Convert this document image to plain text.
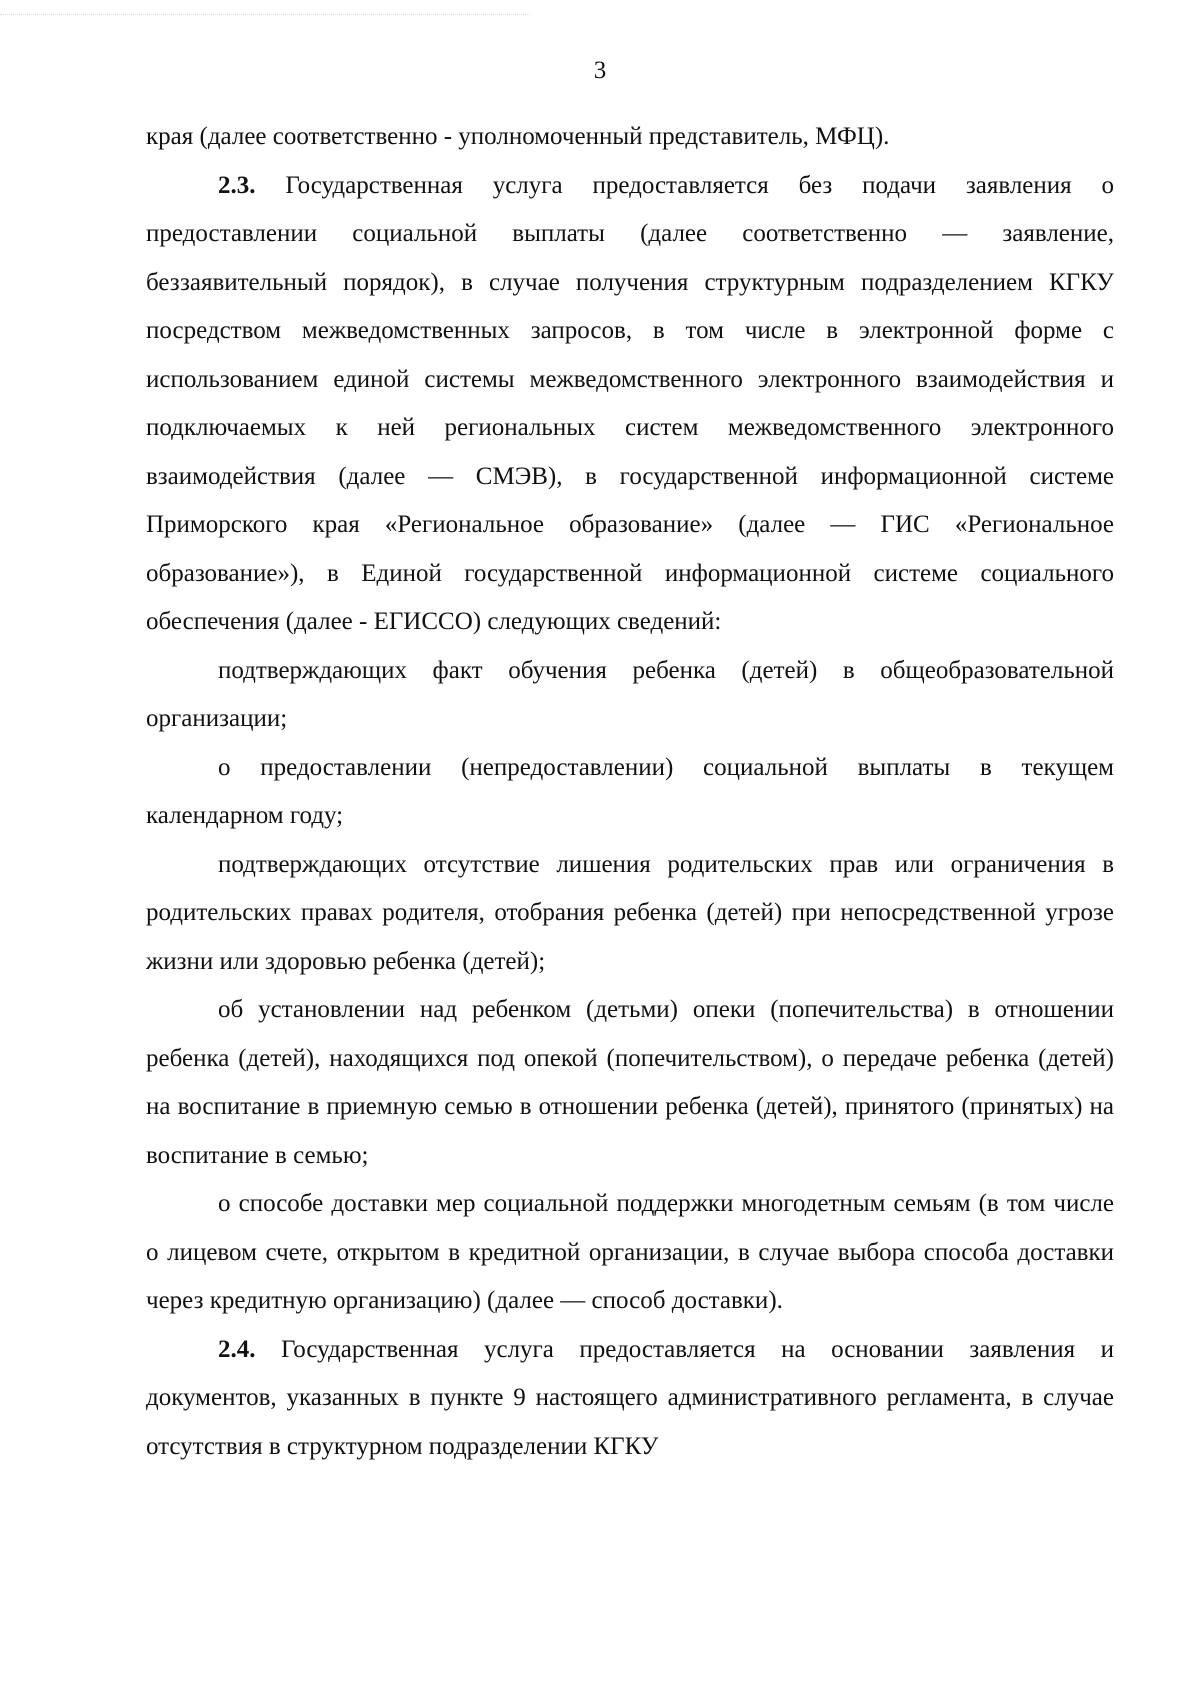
3

края (далее соответственно - уполномоченный представитель, МФЦ).

2.3. Государственная услуга предоставляется без подачи заявления о предоставлении социальной выплаты (далее соответственно — заявление, беззаявительный порядок), в случае получения структурным подразделением КГКУ посредством межведомственных запросов, в том числе в электронной форме с использованием единой системы межведомственного электронного взаимодействия и подключаемых к ней региональных систем межведомственного электронного взаимодействия (далее — СМЭВ), в государственной информационной системе Приморского края «Региональное образование» (далее — ГИС «Региональное образование»), в Единой государственной информационной системе социального обеспечения (далее - ЕГИССО) следующих сведений:

подтверждающих факт обучения ребенка (детей) в общеобразовательной организации;

о предоставлении (непредоставлении) социальной выплаты в текущем календарном году;

подтверждающих отсутствие лишения родительских прав или ограничения в родительских правах родителя, отобрания ребенка (детей) при непосредственной угрозе жизни или здоровью ребенка (детей);

об установлении над ребенком (детьми) опеки (попечительства) в отношении ребенка (детей), находящихся под опекой (попечительством), о передаче ребенка (детей) на воспитание в приемную семью в отношении ребенка (детей), принятого (принятых) на воспитание в семью;

о способе доставки мер социальной поддержки многодетным семьям (в том числе о лицевом счете, открытом в кредитной организации, в случае выбора способа доставки через кредитную организацию) (далее — способ доставки).

2.4. Государственная услуга предоставляется на основании заявления и документов, указанных в пункте 9 настоящего административного регламента, в случае отсутствия в структурном подразделении КГКУ
